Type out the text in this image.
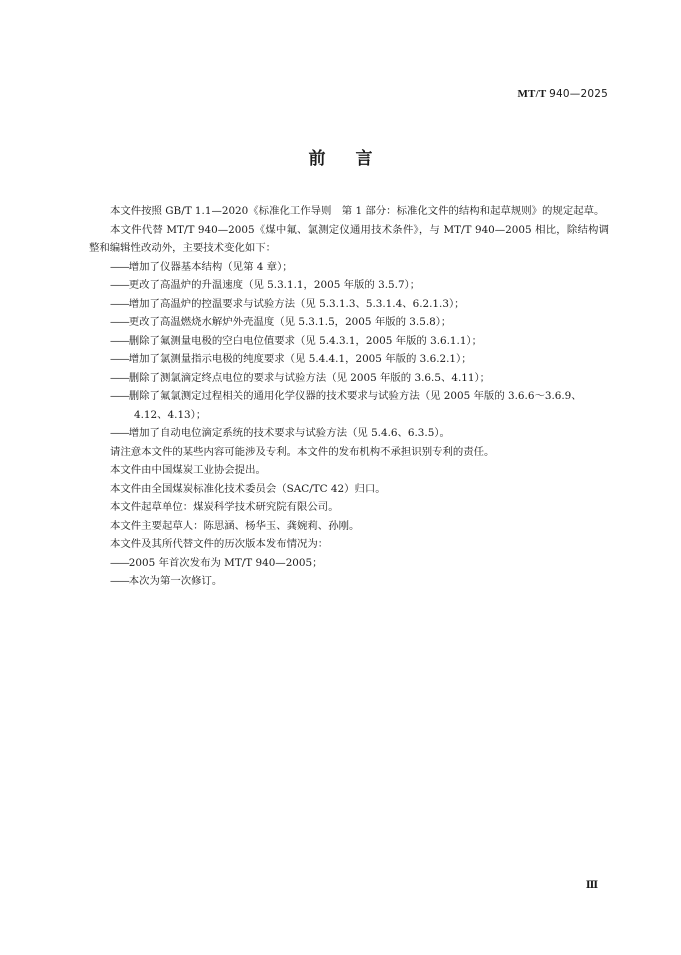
MT/T 940—2025
前言

本文件按照 GB/T 1.1—2020《标准化工作导则　第 1 部分：标准化文件的结构和起草规则》的规定起草。

本文件代替 MT/T 940—2005《煤中氟、氯测定仪通用技术条件》，与 MT/T 940—2005 相比，除结构调整和编辑性改动外，主要技术变化如下：

——增加了仪器基本结构（见第 4 章）；

——更改了高温炉的升温速度（见 5.3.1.1，2005 年版的 3.5.7）；

——增加了高温炉的控温要求与试验方法（见 5.3.1.3、5.3.1.4、6.2.1.3）；

——更改了高温燃烧水解炉外壳温度（见 5.3.1.5，2005 年版的 3.5.8）；

——删除了氟测量电极的空白电位值要求（见 5.4.3.1，2005 年版的 3.6.1.1）；

——增加了氯测量指示电极的纯度要求（见 5.4.4.1，2005 年版的 3.6.2.1）；

——删除了测氯滴定终点电位的要求与试验方法（见 2005 年版的 3.6.5、4.11）；

——删除了氟氯测定过程相关的通用化学仪器的技术要求与试验方法（见 2005 年版的 3.6.6～3.6.9、4.12、4.13）；

——增加了自动电位滴定系统的技术要求与试验方法（见 5.4.6、6.3.5）。

请注意本文件的某些内容可能涉及专利。本文件的发布机构不承担识别专利的责任。

本文件由中国煤炭工业协会提出。

本文件由全国煤炭标准化技术委员会（SAC/TC 42）归口。

本文件起草单位：煤炭科学技术研究院有限公司。

本文件主要起草人：陈思涵、杨华玉、龚婉莉、孙刚。

本文件及其所代替文件的历次版本发布情况为：

——2005 年首次发布为 MT/T 940—2005；

——本次为第一次修订。

Ⅲ
